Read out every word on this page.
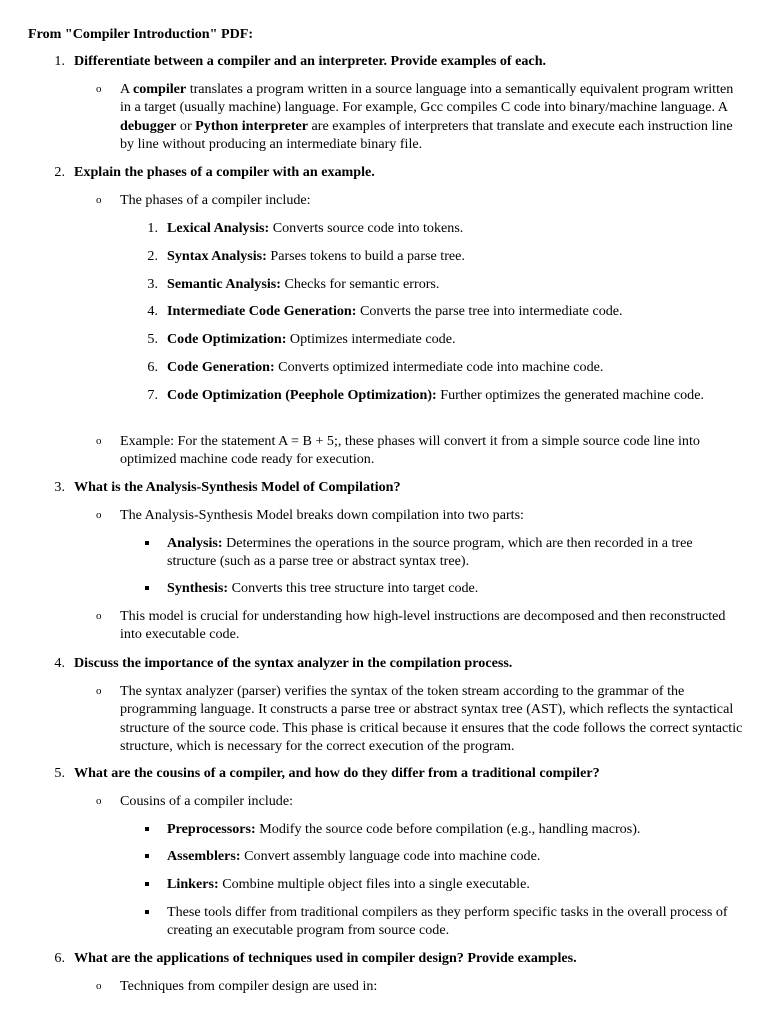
From "Compiler Introduction" PDF:
1. Differentiate between a compiler and an interpreter. Provide examples of each.
o A compiler translates a program written in a source language into a semantically equivalent program written in a target (usually machine) language. For example, Gcc compiles C code into binary/machine language. A debugger or Python interpreter are examples of interpreters that translate and execute each instruction line by line without producing an intermediate binary file.
2. Explain the phases of a compiler with an example.
o The phases of a compiler include:
1. Lexical Analysis: Converts source code into tokens.
2. Syntax Analysis: Parses tokens to build a parse tree.
3. Semantic Analysis: Checks for semantic errors.
4. Intermediate Code Generation: Converts the parse tree into intermediate code.
5. Code Optimization: Optimizes intermediate code.
6. Code Generation: Converts optimized intermediate code into machine code.
7. Code Optimization (Peephole Optimization): Further optimizes the generated machine code.
o Example: For the statement A = B + 5;, these phases will convert it from a simple source code line into optimized machine code ready for execution.
3. What is the Analysis-Synthesis Model of Compilation?
o The Analysis-Synthesis Model breaks down compilation into two parts:
Analysis: Determines the operations in the source program, which are then recorded in a tree structure (such as a parse tree or abstract syntax tree).
Synthesis: Converts this tree structure into target code.
o This model is crucial for understanding how high-level instructions are decomposed and then reconstructed into executable code.
4. Discuss the importance of the syntax analyzer in the compilation process.
o The syntax analyzer (parser) verifies the syntax of the token stream according to the grammar of the programming language. It constructs a parse tree or abstract syntax tree (AST), which reflects the syntactical structure of the source code. This phase is critical because it ensures that the code follows the correct syntactic structure, which is necessary for the correct execution of the program.
5. What are the cousins of a compiler, and how do they differ from a traditional compiler?
o Cousins of a compiler include:
Preprocessors: Modify the source code before compilation (e.g., handling macros).
Assemblers: Convert assembly language code into machine code.
Linkers: Combine multiple object files into a single executable.
These tools differ from traditional compilers as they perform specific tasks in the overall process of creating an executable program from source code.
6. What are the applications of techniques used in compiler design? Provide examples.
o Techniques from compiler design are used in:
